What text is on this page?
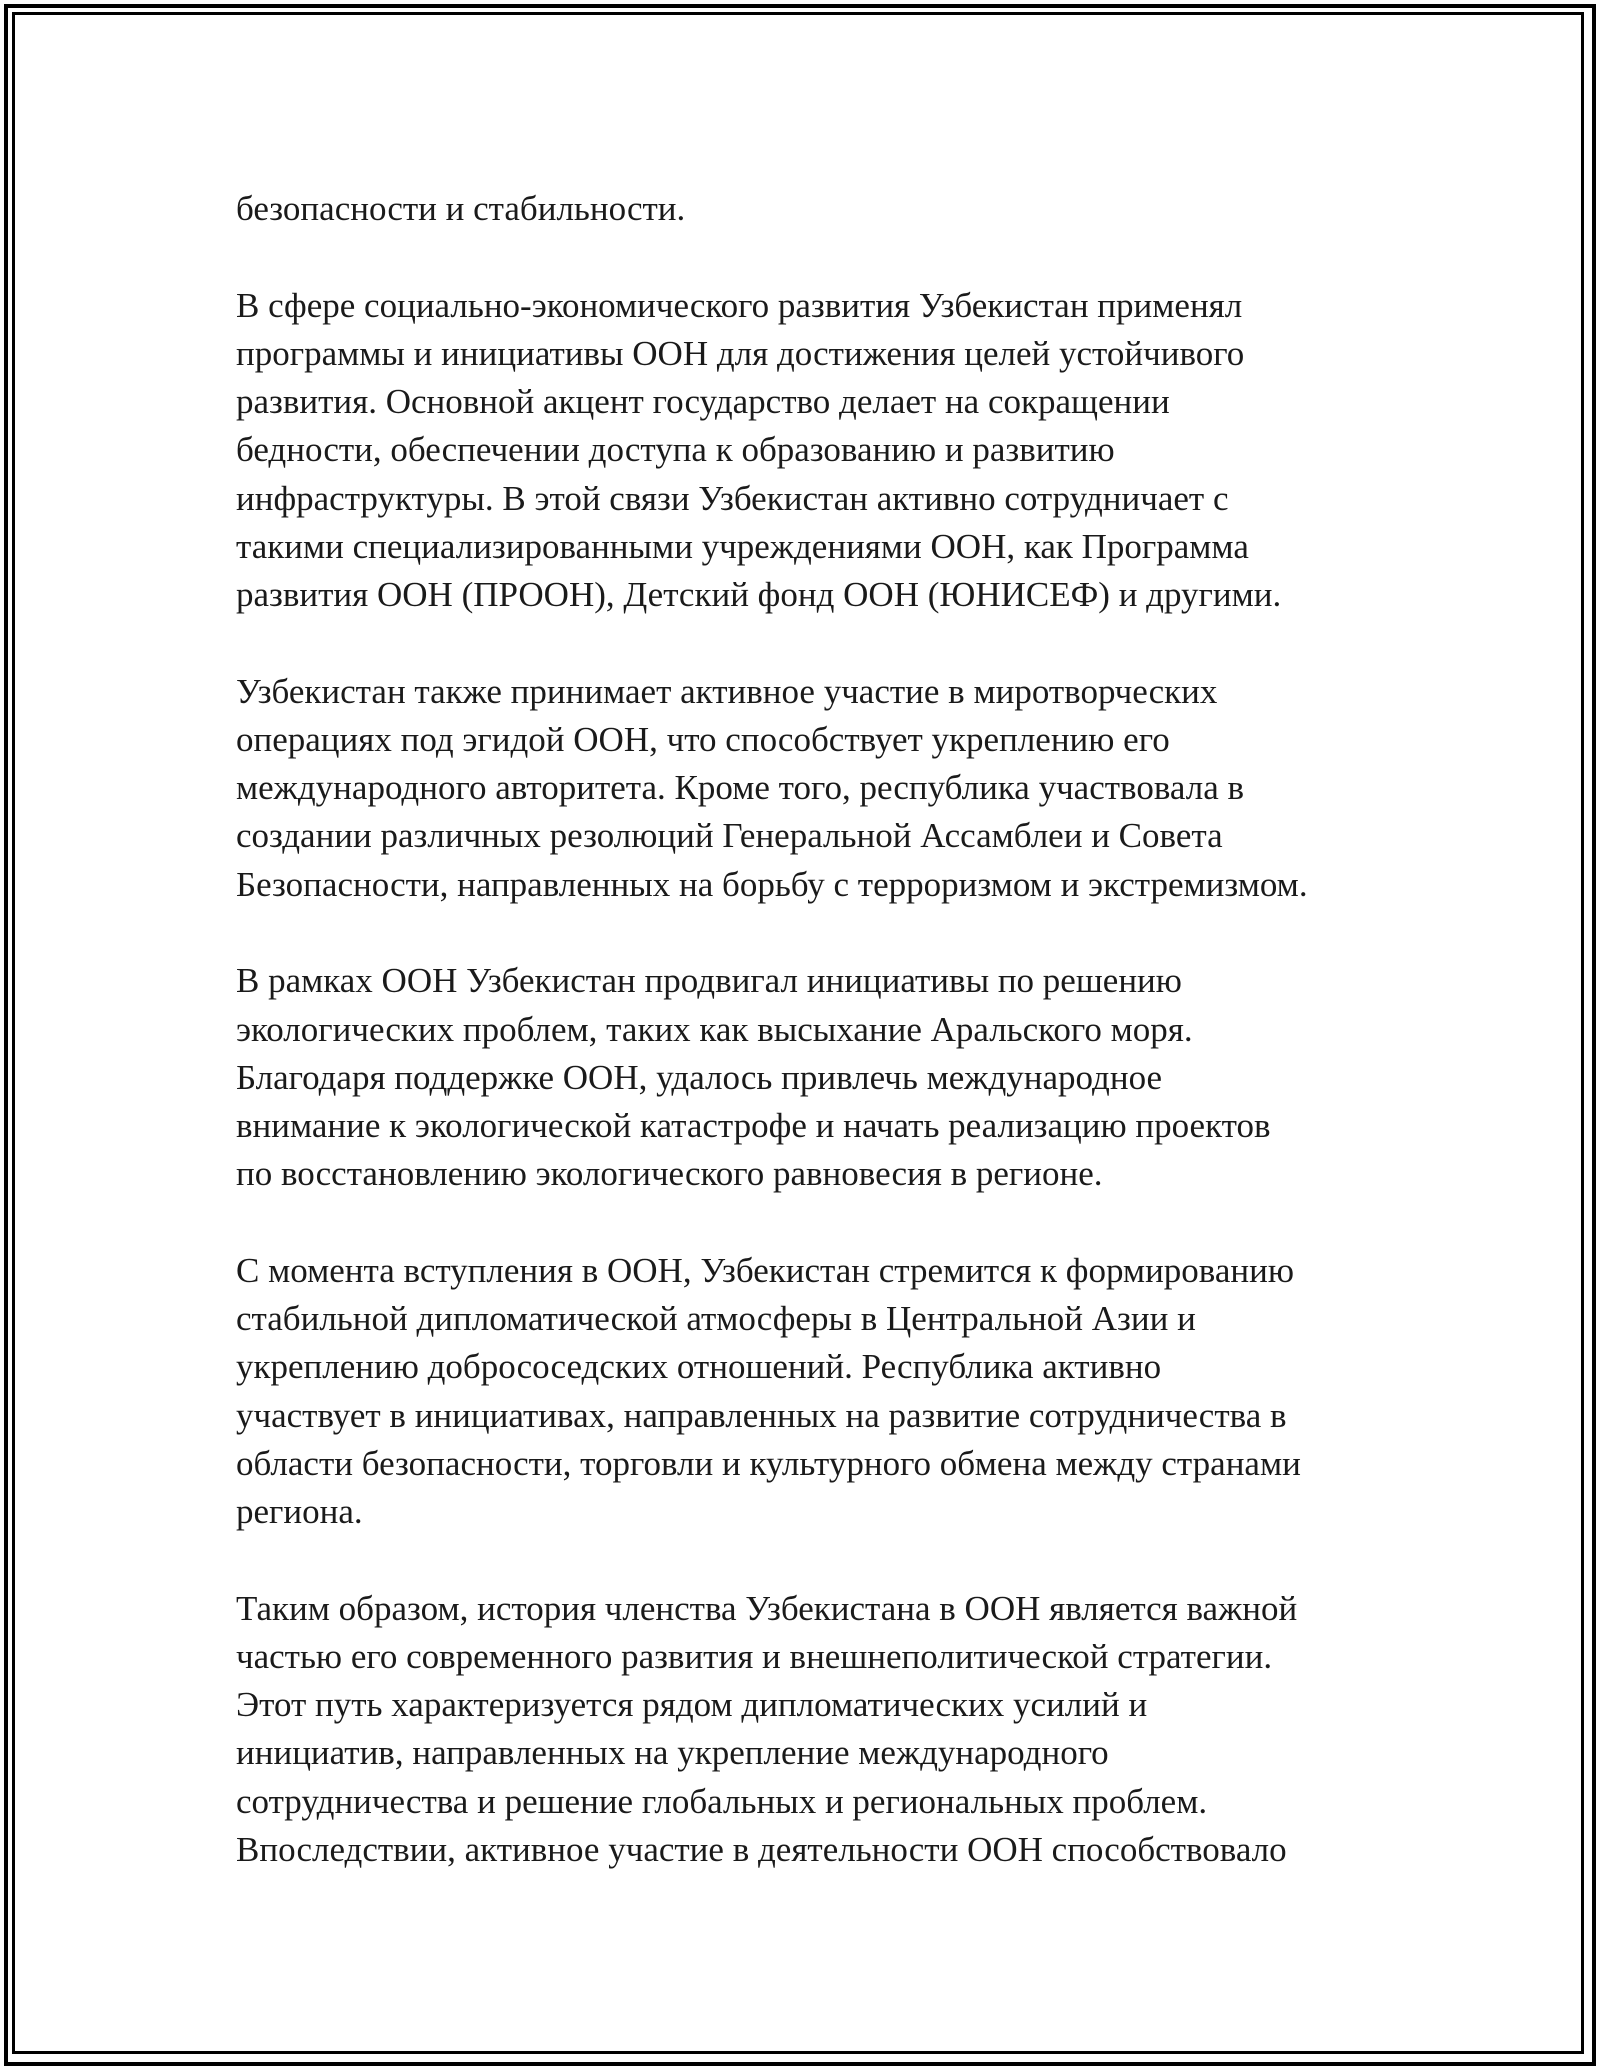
безопасности и стабильности.

В сфере социально-экономического развития Узбекистан применял
программы и инициативы ООН для достижения целей устойчивого
развития. Основной акцент государство делает на сокращении
бедности, обеспечении доступа к образованию и развитию
инфраструктуры. В этой связи Узбекистан активно сотрудничает с
такими специализированными учреждениями ООН, как Программа
развития ООН (ПРООН), Детский фонд ООН (ЮНИСЕФ) и другими.

Узбекистан также принимает активное участие в миротворческих
операциях под эгидой ООН, что способствует укреплению его
международного авторитета. Кроме того, республика участвовала в
создании различных резолюций Генеральной Ассамблеи и Совета
Безопасности, направленных на борьбу с терроризмом и экстремизмом.

В рамках ООН Узбекистан продвигал инициативы по решению
экологических проблем, таких как высыхание Аральского моря.
Благодаря поддержке ООН, удалось привлечь международное
внимание к экологической катастрофе и начать реализацию проектов
по восстановлению экологического равновесия в регионе.

С момента вступления в ООН, Узбекистан стремится к формированию
стабильной дипломатической атмосферы в Центральной Азии и
укреплению добрососедских отношений. Республика активно
участвует в инициативах, направленных на развитие сотрудничества в
области безопасности, торговли и культурного обмена между странами
региона.

Таким образом, история членства Узбекистана в ООН является важной
частью его современного развития и внешнеполитической стратегии.
Этот путь характеризуется рядом дипломатических усилий и
инициатив, направленных на укрепление международного
сотрудничества и решение глобальных и региональных проблем.
Впоследствии, активное участие в деятельности ООН способствовало
